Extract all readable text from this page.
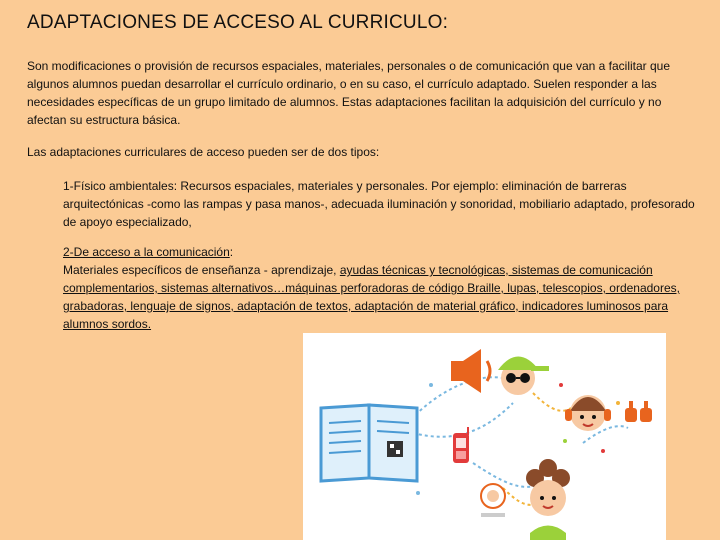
ADAPTACIONES DE ACCESO AL CURRICULO:

Son modificaciones o provisión de recursos espaciales, materiales, personales o de comunicación que van a facilitar que algunos alumnos puedan desarrollar el currículo ordinario, o en su caso, el currículo adaptado. Suelen responder a las necesidades específicas de un grupo limitado de alumnos. Estas adaptaciones facilitan la adquisición del currículo y no afectan su estructura básica.

Las adaptaciones curriculares de acceso pueden ser de dos tipos:

1-Físico ambientales: Recursos espaciales, materiales y personales. Por ejemplo: eliminación de barreras arquitectónicas -como las rampas y pasa manos-, adecuada iluminación y sonoridad, mobiliario adaptado, profesorado de apoyo especializado,

2-De acceso a la comunicación:
Materiales específicos de enseñanza - aprendizaje, ayudas técnicas y tecnológicas, sistemas de comunicación complementarios, sistemas alternativos…máquinas perforadoras de código Braille, lupas, telescopios, ordenadores, grabadoras, lenguaje de signos, adaptación de textos, adaptación de material gráfico, indicadores luminosos para alumnos sordos.
